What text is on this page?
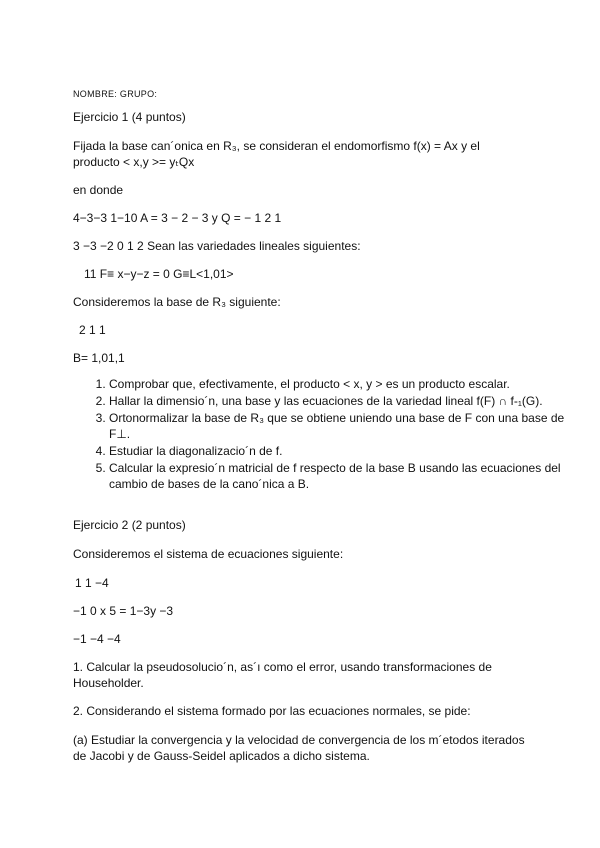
NOMBRE: GRUPO:
Ejercicio 1 (4 puntos)
Fijada la base can´onica en R₃, se consideran el endomorfismo f(x) = Ax y el
producto < x,y >= yₜQx
en donde
4−3−3 1−10 A = 3 − 2 − 3 y Q = − 1 2 1
3 −3 −2 0 1 2 Sean las variedades lineales siguientes:
11 F≡ x−y−z = 0 G≡L<1,01>
Consideremos la base de R₃ siguiente:
2 1 1
B= 1,01,1
1. Comprobar que, efectivamente, el producto < x, y > es un producto escalar.
2. Hallar la dimensio´n, una base y las ecuaciones de la variedad lineal f(F) ∩ f-₁(G).
3. Ortonormalizar la base de R₃ que se obtiene uniendo una base de F con una base de F⊥.
4. Estudiar la diagonalizacio´n de f.
5. Calcular la expresio´n matricial de f respecto de la base B usando las ecuaciones del cambio de bases de la cano´nica a B.
Ejercicio 2 (2 puntos)
Consideremos el sistema de ecuaciones siguiente:
1 1 −4
−1 0 x 5 = 1−3y −3
−1 −4 −4
1. Calcular la pseudosolucio´n, as´ı como el error, usando transformaciones de
Householder.
2. Considerando el sistema formado por las ecuaciones normales, se pide:
(a) Estudiar la convergencia y la velocidad de convergencia de los m´etodos iterados
de Jacobi y de Gauss-Seidel aplicados a dicho sistema.
